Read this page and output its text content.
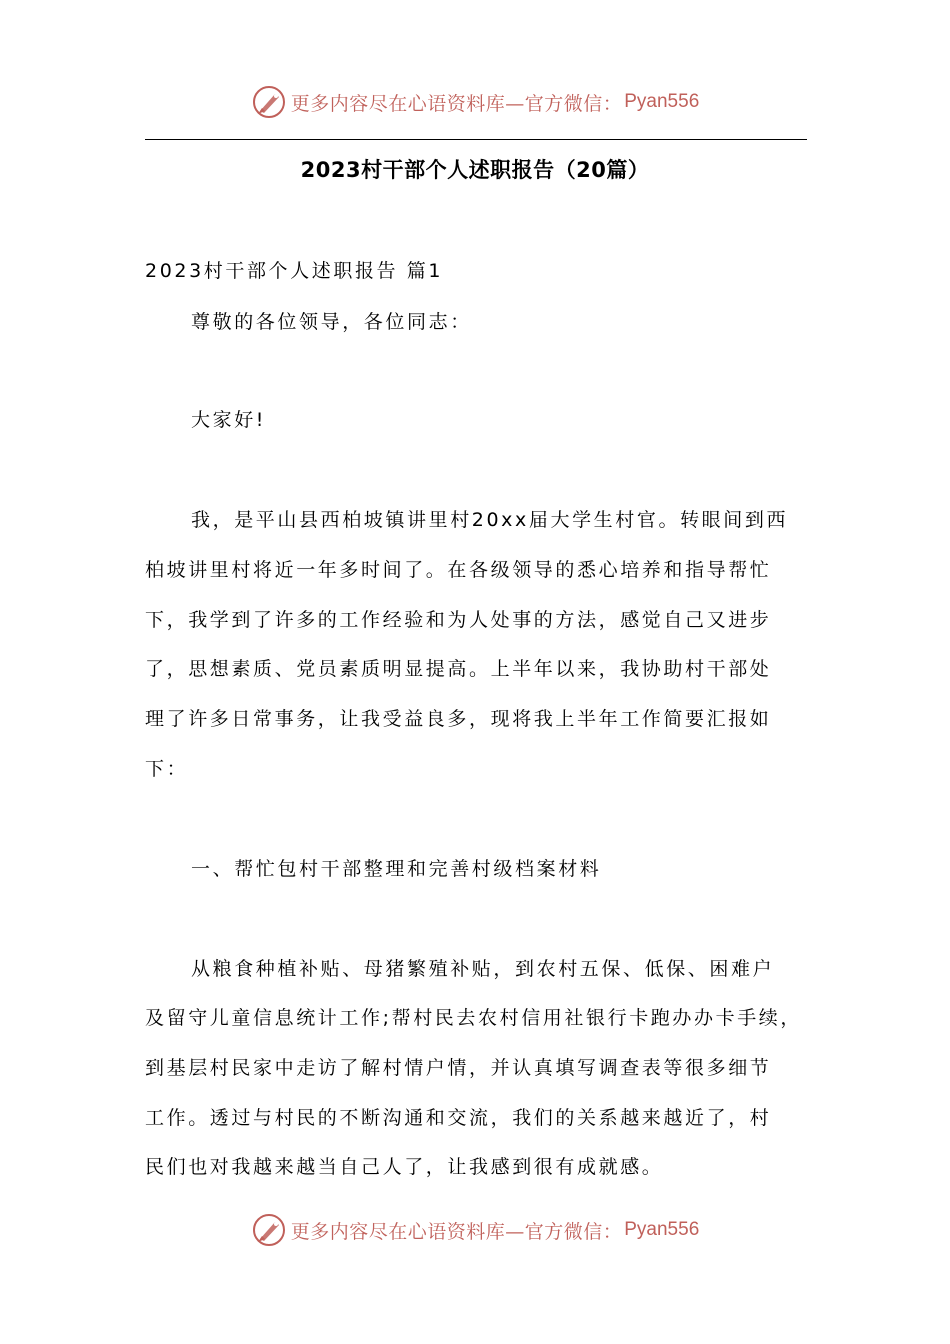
更多内容尽在心语资料库—官方微信： Pyan556
2023村干部个人述职报告（20篇）
2023村干部个人述职报告 篇1
尊敬的各位领导，各位同志：
大家好!
我，是平山县西柏坡镇讲里村20xx届大学生村官。转眼间到西
柏坡讲里村将近一年多时间了。在各级领导的悉心培养和指导帮忙
下，我学到了许多的工作经验和为人处事的方法，感觉自己又进步
了，思想素质、党员素质明显提高。上半年以来，我协助村干部处
理了许多日常事务，让我受益良多，现将我上半年工作简要汇报如
下：
一、帮忙包村干部整理和完善村级档案材料
从粮食种植补贴、母猪繁殖补贴，到农村五保、低保、困难户
及留守儿童信息统计工作;帮村民去农村信用社银行卡跑办办卡手续，
到基层村民家中走访了解村情户情，并认真填写调查表等很多细节
工作。透过与村民的不断沟通和交流，我们的关系越来越近了，村
民们也对我越来越当自己人了，让我感到很有成就感。
更多内容尽在心语资料库—官方微信： Pyan556
